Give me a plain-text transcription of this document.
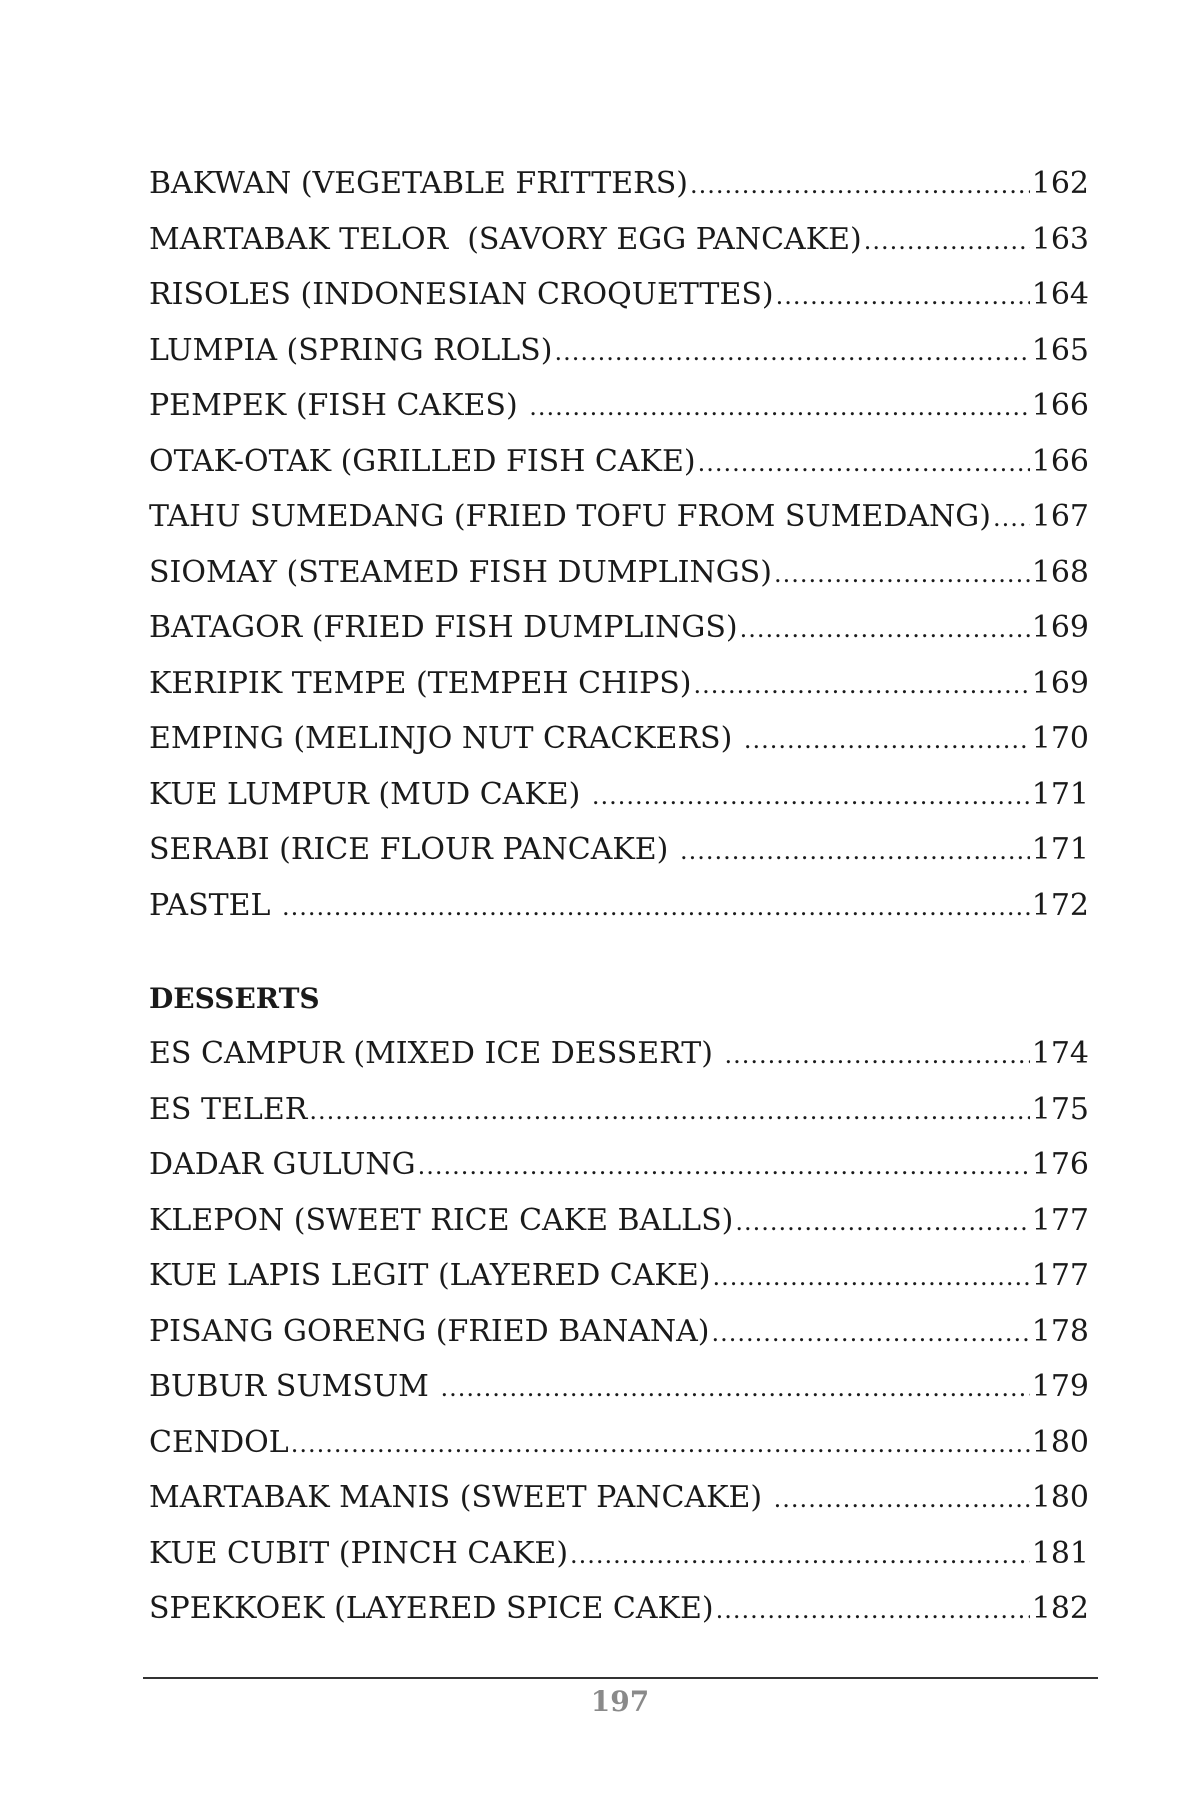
BAKWAN (VEGETABLE FRITTERS) .....	162
MARTABAK TELOR  (SAVORY EGG PANCAKE) .....	163
RISOLES (INDONESIAN CROQUETTES) .....	164
LUMPIA (SPRING ROLLS) .....	165
PEMPEK (FISH CAKES) .....	166
OTAK-OTAK (GRILLED FISH CAKE) .....	166
TAHU SUMEDANG (FRIED TOFU FROM SUMEDANG) ..... 167
SIOMAY (STEAMED FISH DUMPLINGS) .....	168
BATAGOR (FRIED FISH DUMPLINGS) .....	169
KERIPIK TEMPE (TEMPEH CHIPS) .....	169
EMPING (MELINJO NUT CRACKERS) .....	170
KUE LUMPUR (MUD CAKE) .....	171
SERABI (RICE FLOUR PANCAKE) .....	171
PASTEL .....	172
DESSERTS
ES CAMPUR (MIXED ICE DESSERT) .....	174
ES TELER .....	175
DADAR GULUNG .....	176
KLEPON (SWEET RICE CAKE BALLS) .....	177
KUE LAPIS LEGIT (LAYERED CAKE) .....	177
PISANG GORENG (FRIED BANANA) .....	178
BUBUR SUMSUM .....	179
CENDOL .....	180
MARTABAK MANIS (SWEET PANCAKE) .....	180
KUE CUBIT (PINCH CAKE) .....	181
SPEKKOEK (LAYERED SPICE CAKE) .....	182
197
